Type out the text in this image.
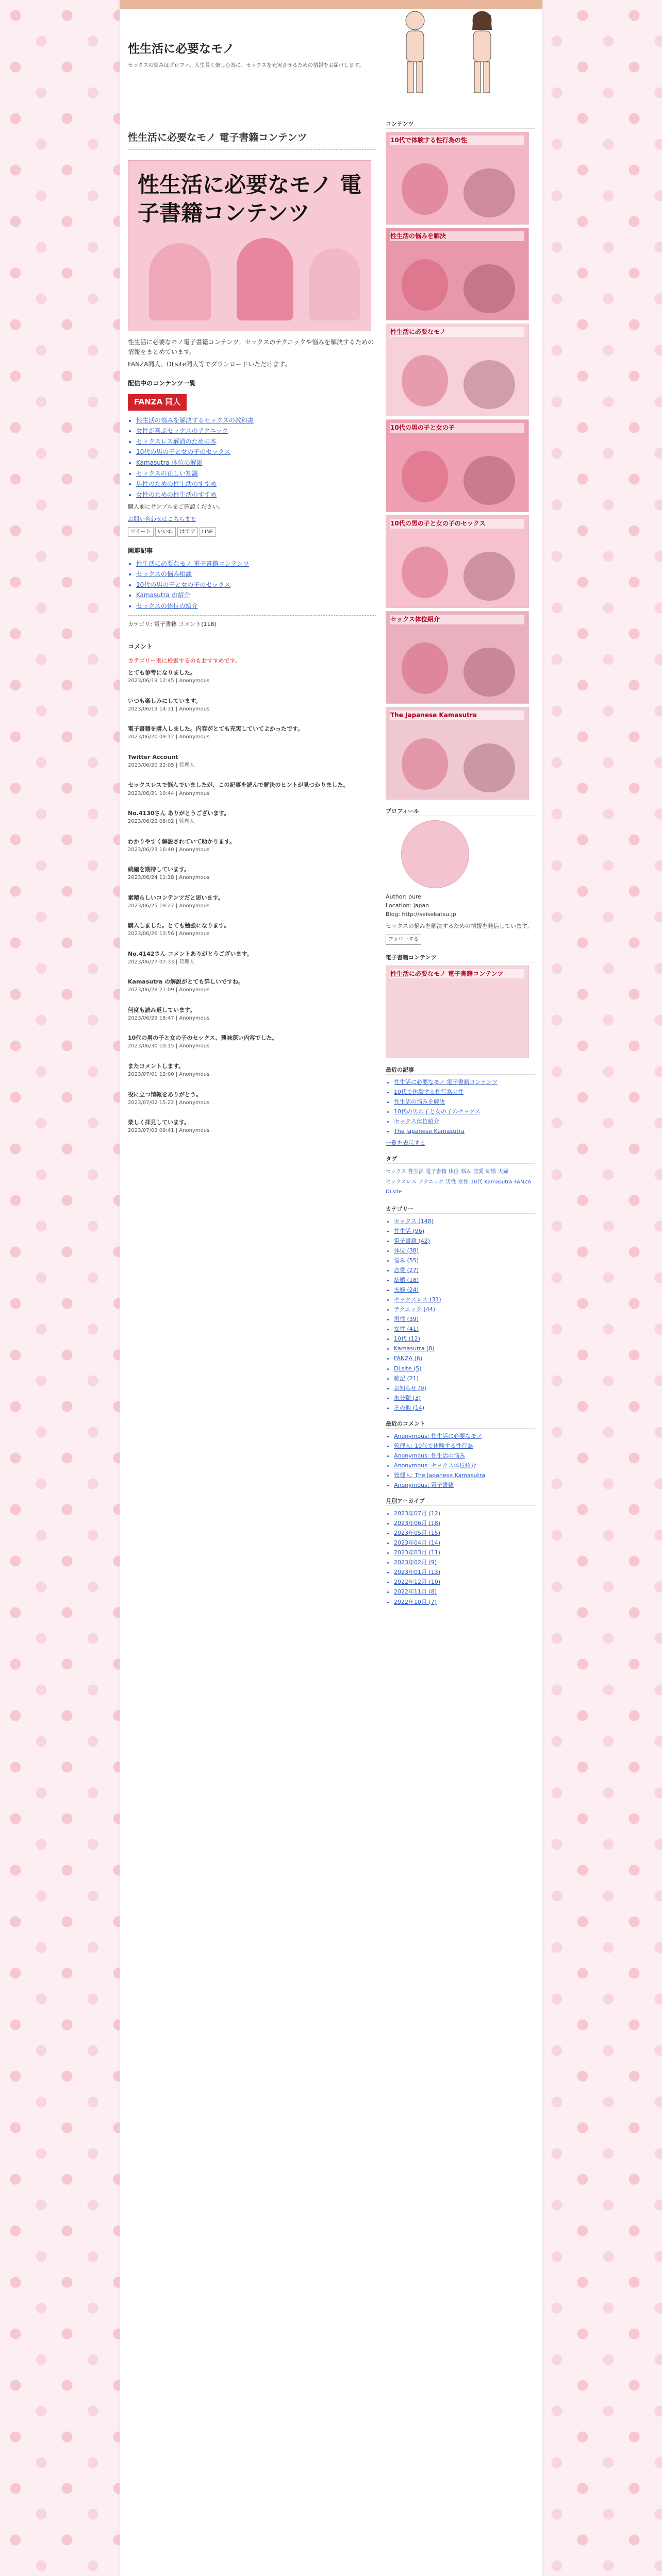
性生活に必要なモノ
セックスの悩みはプロフィ。人生長く楽しむ為に、セックスを充実させるための情報をお届けします。
性生活に必要なモノ 電子書籍コンテンツ
性生活に必要なモノ 電子書籍コンテンツ

性生活に必要なモノ電子書籍コンテンツ。セックスのテクニックや悩みを解決するための情報をまとめています。

FANZA同人、DLsite同人等でダウンロードいただけます。

配信中のコンテンツ一覧
FANZA 同人
• 性生活の悩みを解決するセックスの教科書
• 女性が喜ぶセックスのテクニック
• セックスレス解消のための本
• 10代の男の子と女の子のセックス
• Kamasutra 体位の解説
• セックスの正しい知識
• 男性のための性生活のすすめ
• 女性のための性生活のすすめ

購入前にサンプルをご確認ください。

お問い合わせはこちらまで

ツイート いいね はてブ LINE
関連記事
• 性生活に必要なモノ 電子書籍コンテンツ
• セックスの悩み相談
• 10代の男の子と女の子のセックス
• Kamasutra の紹介
• セックスの体位の紹介

カテゴリ: 電子書籍 コメント(118)

コメント

カテゴリー別に検索するのもおすすめです。

とても参考になりました。
2023/06/19 12:45 | Anonymous
いつも楽しみにしています。
2023/06/19 14:31 | Anonymous
電子書籍を購入しました。内容がとても充実していてよかったです。
2023/06/20 09:12 | Anonymous
Twitter Account
2023/06/20 22:05 | 管理人
セックスレスで悩んでいましたが、この記事を読んで解決のヒントが見つかりました。
2023/06/21 10:44 | Anonymous
No.4130さん ありがとうございます。
2023/06/22 08:02 | 管理人
わかりやすく解説されていて助かります。
2023/06/23 16:40 | Anonymous
続編を期待しています。
2023/06/24 11:18 | Anonymous
素晴らしいコンテンツだと思います。
2023/06/25 19:27 | Anonymous
購入しました。とても勉強になります。
2023/06/26 13:56 | Anonymous
No.4142さん コメントありがとうございます。
2023/06/27 07:33 | 管理人
Kamasutra の解説がとても詳しいですね。
2023/06/28 21:09 | Anonymous
何度も読み返しています。
2023/06/29 18:47 | Anonymous
10代の男の子と女の子のセックス、興味深い内容でした。
2023/06/30 10:15 | Anonymous
またコメントします。
2023/07/01 12:00 | Anonymous
役に立つ情報をありがとう。
2023/07/02 15:22 | Anonymous
楽しく拝見しています。
2023/07/03 09:41 | Anonymous
コンテンツ
10代で体験する性行為の性
性生活の悩みを解決
性生活に必要なモノ
10代の男の子と女の子
10代の男の子と女の子のセックス
セックス体位紹介
The Japanese Kamasutra
プロフィール
Author: pure
Location: japan
Blog: http://seisekatsu.jp

セックスの悩みを解決するための情報を発信しています。

フォローする
電子書籍コンテンツ
性生活に必要なモノ 電子書籍コンテンツ
最近の記事
• 性生活に必要なモノ 電子書籍コンテンツ
• 10代で体験する性行為の性
• 性生活の悩みを解決
• 10代の男の子と女の子のセックス
• セックス体位紹介
• The Japanese Kamasutra

一覧を表示する

タグ
セックス 性生活 電子書籍 体位 悩み 恋愛 結婚 夫婦セックスレス テクニック 男性 女性 10代 Kamasutra FANZADLsite
カテゴリー
• セックス (148)
• 性生活 (96)
• 電子書籍 (42)
• 体位 (38)
• 悩み (55)
• 恋愛 (27)
• 結婚 (18)
• 夫婦 (24)
• セックスレス (31)
• テクニック (44)
• 男性 (39)
• 女性 (41)
• 10代 (12)
• Kamasutra (8)
• FANZA (6)
• DLsite (5)
• 雑記 (21)
• お知らせ (9)
• 未分類 (3)
• その他 (14)
最近のコメント
• Anonymous: 性生活に必要なモノ
• 管理人: 10代で体験する性行為
• Anonymous: 性生活の悩み
• Anonymous: セックス体位紹介
• 管理人: The Japanese Kamasutra
• Anonymous: 電子書籍
月別アーカイブ
• 2023年07月 (12)
• 2023年06月 (18)
• 2023年05月 (15)
• 2023年04月 (14)
• 2023年03月 (11)
• 2023年02月 (9)
• 2023年01月 (13)
• 2022年12月 (10)
• 2022年11月 (8)
• 2022年10月 (7)
